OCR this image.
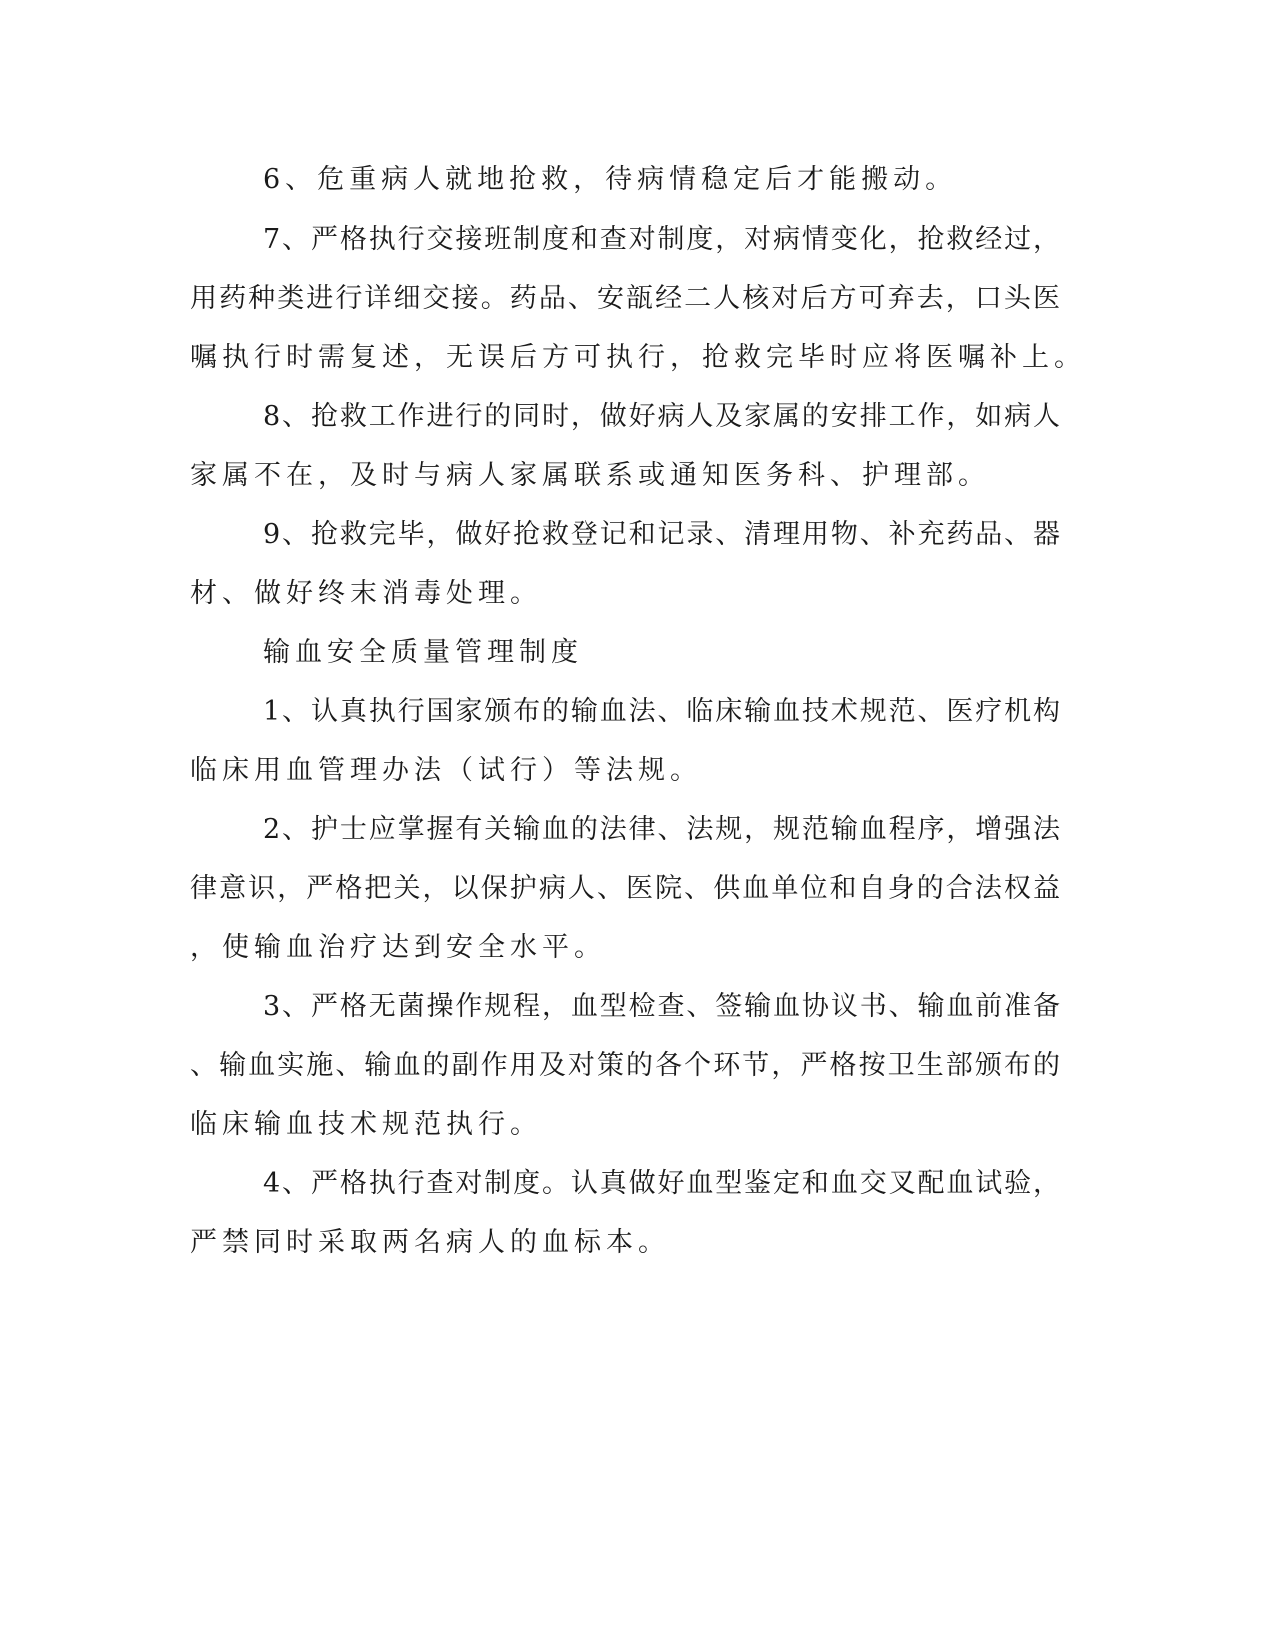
6、危重病人就地抢救，待病情稳定后才能搬动。
7、严格执行交接班制度和查对制度，对病情变化，抢救经过，
用药种类进行详细交接。药品、安瓿经二人核对后方可弃去，口头医
嘱执行时需复述，无误后方可执行，抢救完毕时应将医嘱补上。
8、抢救工作进行的同时，做好病人及家属的安排工作，如病人
家属不在，及时与病人家属联系或通知医务科、护理部。
9、抢救完毕，做好抢救登记和记录、清理用物、补充药品、器
材、做好终末消毒处理。
输血安全质量管理制度
1、认真执行国家颁布的输血法、临床输血技术规范、医疗机构
临床用血管理办法（试行）等法规。
2、护士应掌握有关输血的法律、法规，规范输血程序，增强法
律意识，严格把关，以保护病人、医院、供血单位和自身的合法权益
，使输血治疗达到安全水平。
3、严格无菌操作规程，血型检查、签输血协议书、输血前准备
、输血实施、输血的副作用及对策的各个环节，严格按卫生部颁布的
临床输血技术规范执行。
4、严格执行查对制度。认真做好血型鉴定和血交叉配血试验，
严禁同时采取两名病人的血标本。
